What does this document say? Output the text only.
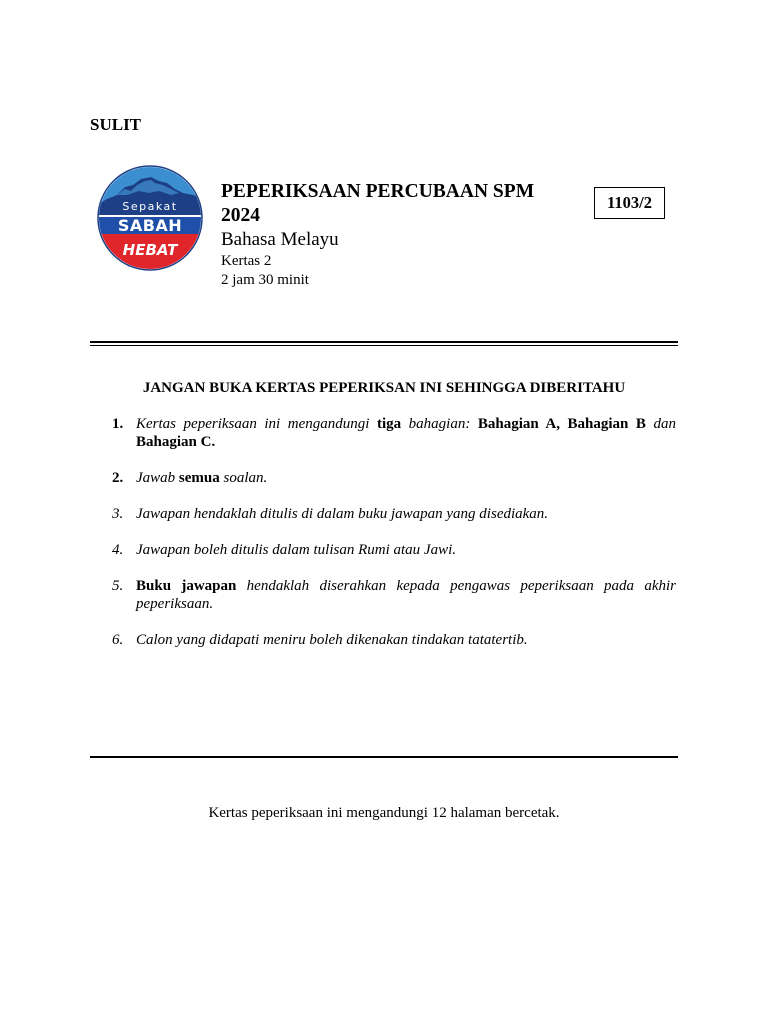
SULIT
Sepakat
SABAH
HEBAT
PEPERIKSAAN PERCUBAAN SPM 2024
Bahasa Melayu
Kertas 2
2 jam 30 minit
1103/2
JANGAN BUKA KERTAS PEPERIKSAN INI SEHINGGA DIBERITAHU
1. Kertas peperiksaan ini mengandungi tiga bahagian: Bahagian A, Bahagian B dan Bahagian C.
2. Jawab semua soalan.
3. Jawapan hendaklah ditulis di dalam buku jawapan yang disediakan.
4. Jawapan boleh ditulis dalam tulisan Rumi atau Jawi.
5. Buku jawapan hendaklah diserahkan kepada pengawas peperiksaan pada akhir peperiksaan.
6. Calon yang didapati meniru boleh dikenakan tindakan tatatertib.
Kertas peperiksaan ini mengandungi 12 halaman bercetak.
